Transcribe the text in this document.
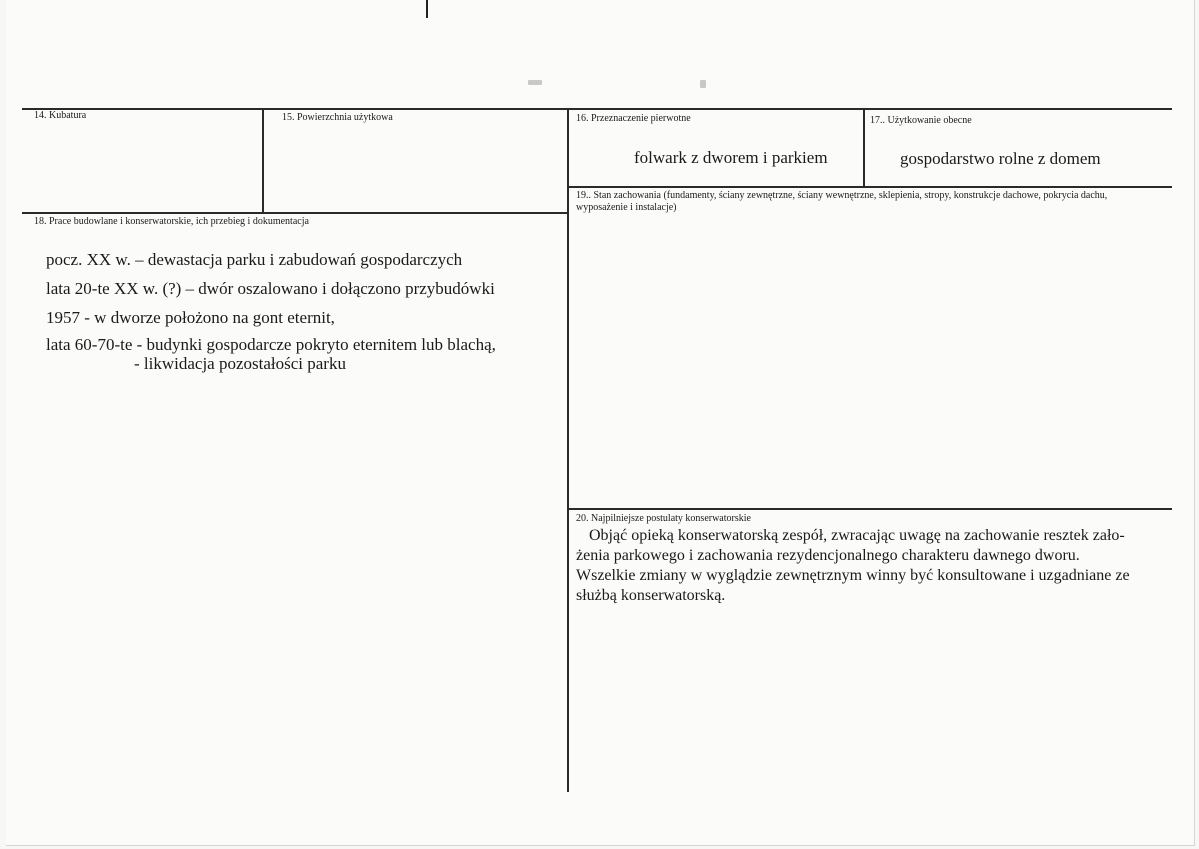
14. Kubatura	15. Powierzchnia użytkowa	16. Przeznaczenie pierwotne
folwark z dworem i parkiem
17.. Użytkowanie obecne
gospodarstwo rolne z domem
19.. Stan zachowania (fundamenty, ściany zewnętrzne, ściany wewnętrzne, sklepienia, stropy, konstrukcje dachowe, pokrycia dachu, wyposażenie i instalacje)
18. Prace budowlane i konserwatorskie, ich przebieg i dokumentacja
pocz. XX w. – dewastacja parku i zabudowań gospodarczych
lata 20-te XX w. (?) – dwór oszalowano i dołączono przybudówki
1957 - w dworze położono na gont eternit,
lata 60-70-te - budynki gospodarcze pokryto eternitem lub blachą,
- likwidacja pozostałości parku
20. Najpilniejsze postulaty konserwatorskie
Objąć opieką konserwatorską zespół, zwracając uwagę na zachowanie resztek zało-
żenia parkowego i zachowania rezydencjonalnego charakteru dawnego dworu.
Wszelkie zmiany w wyglądzie zewnętrznym winny być konsultowane i uzgadniane ze
służbą konserwatorską.
